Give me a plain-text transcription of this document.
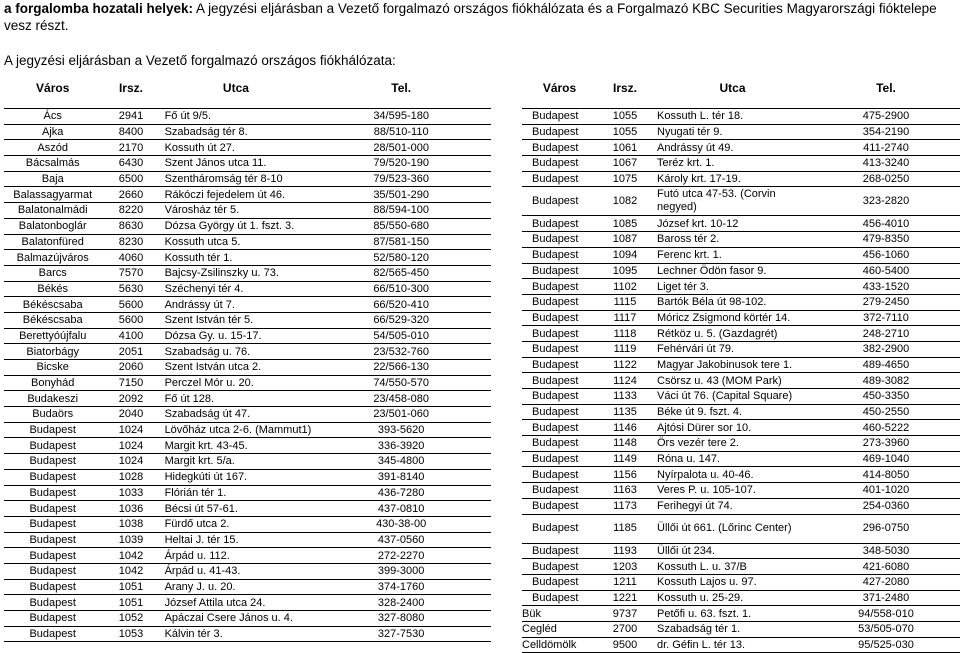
a forgalomba hozatali helyek: A jegyzési eljárásban a Vezető forgalmazó országos fiókhálózata és a Forgalmazó KBC Securities Magyarországi fióktelepe vesz részt.
A jegyzési eljárásban a Vezető forgalmazó országos fiókhálózata:
Város	Irsz.	Utca	Tel.

Ács	2941	Fő út 9/5.	34/595-180
Ajka	8400	Szabadság tér 8.	88/510-110
Aszód	2170	Kossuth út 27.	28/501-000
Bácsalmás	6430	Szent János utca 11.	79/520-190
Baja	6500	Szentháromság tér 8-10	79/523-360
Balassagyarmat	2660	Rákóczi fejedelem út 46.	35/501-290
Balatonalmádi	8220	Városház tér 5.	88/594-100
Balatonboglár	8630	Dózsa György út 1. fszt. 3.	85/550-680
Balatonfüred	8230	Kossuth utca 5.	87/581-150
Balmazújváros	4060	Kossuth tér 1.	52/580-120
Barcs	7570	Bajcsy-Zsilinszky u. 73.	82/565-450
Békés	5630	Széchenyi tér 4.	66/510-300
Békéscsaba	5600	Andrássy út 7.	66/520-410
Békéscsaba	5600	Szent István tér 5.	66/529-320
Berettyóújfalu	4100	Dózsa Gy. u. 15-17.	54/505-010
Biatorbágy	2051	Szabadság u. 76.	23/532-760
Bicske	2060	Szent István utca 2.	22/566-130
Bonyhád	7150	Perczel Mór u. 20.	74/550-570
Budakeszi	2092	Fő út 128.	23/458-080
Budaörs	2040	Szabadság út 47.	23/501-060
Budapest	1024	Lövőház utca 2-6. (Mammut1)	393-5620
Budapest	1024	Margit krt. 43-45.	336-3920
Budapest	1024	Margit krt. 5/a.	345-4800
Budapest	1028	Hidegkúti út 167.	391-8140
Budapest	1033	Flórián tér 1.	436-7280
Budapest	1036	Bécsi út 57-61.	437-0810
Budapest	1038	Fürdő utca 2.	430-38-00
Budapest	1039	Heltai J. tér 15.	437-0560
Budapest	1042	Árpád u. 112.	272-2270
Budapest	1042	Árpád u. 41-43.	399-3000
Budapest	1051	Arany J. u. 20.	374-1760
Budapest	1051	József Attila utca 24.	328-2400
Budapest	1052	Apáczai Csere János u. 4.	327-8080
Budapest	1053	Kálvin tér 3.	327-7530
Város	Irsz.	Utca	Tel.

Budapest	1055	Kossuth L. tér 18.	475-2900
Budapest	1055	Nyugati tér 9.	354-2190
Budapest	1061	Andrássy út 49.	411-2740
Budapest	1067	Teréz krt. 1.	413-3240
Budapest	1075	Károly krt. 17-19.	268-0250
Budapest	1082	Futó utca 47-53. (Corvin negyed)	323-2820
Budapest	1085	József krt. 10-12	456-4010
Budapest	1087	Baross tér 2.	479-8350
Budapest	1094	Ferenc krt. 1.	456-1060
Budapest	1095	Lechner Ödön fasor 9.	460-5400
Budapest	1102	Liget tér 3.	433-1520
Budapest	1115	Bartók Béla út 98-102.	279-2450
Budapest	1117	Móricz Zsigmond körtér 14.	372-7110
Budapest	1118	Rétköz u. 5. (Gazdagrét)	248-2710
Budapest	1119	Fehérvári út 79.	382-2900
Budapest	1122	Magyar Jakobinusok tere 1.	489-4650
Budapest	1124	Csörsz u. 43 (MOM Park)	489-3082
Budapest	1133	Váci út 76. (Capital Square)	450-3350
Budapest	1135	Béke út 9. fszt. 4.	450-2550
Budapest	1146	Ajtósi Dürer sor 10.	460-5222
Budapest	1148	Örs vezér tere 2.	273-3960
Budapest	1149	Róna u. 147.	469-1040
Budapest	1156	Nyírpalota u. 40-46.	414-8050
Budapest	1163	Veres P. u. 105-107.	401-1020
Budapest	1173	Ferihegyi út 74.	254-0360
Budapest	1185	Üllői út 661. (Lőrinc Center)	296-0750
Budapest	1193	Üllői út 234.	348-5030
Budapest	1203	Kossuth L. u. 37/B	421-6080
Budapest	1211	Kossuth Lajos u. 97.	427-2080
Budapest	1221	Kossuth u. 25-29.	371-2480
Bük	9737	Petőfi u. 63. fszt. 1.	94/558-010
Cegléd	2700	Szabadság tér 1.	53/505-070
Celldömölk	9500	dr. Géfin L. tér 13.	95/525-030
